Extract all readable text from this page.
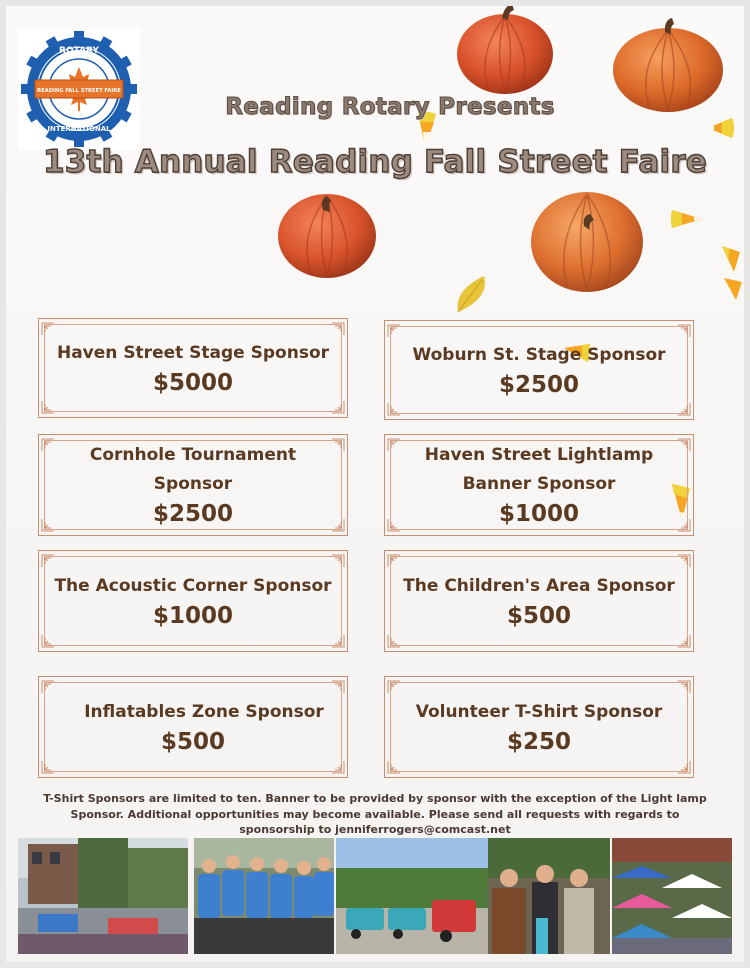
ROTARY
READING FALL STREET FAIRE
INTERNATIONAL
Reading Rotary Presents
13th Annual Reading Fall Street Faire
Haven Street Stage Sponsor
$5000
Woburn St. Stage Sponsor
$2500
Cornhole Tournament Sponsor
$2500
Haven Street Lightlamp Banner Sponsor
$1000
The Acoustic Corner Sponsor
$1000
The Children's Area Sponsor
$500
Inflatables Zone Sponsor
$500
Volunteer T-Shirt Sponsor
$250
T-Shirt Sponsors are limited to ten. Banner to be provided by sponsor with the exception of the Light lamp Sponsor. Additional opportunities may become available. Please send all requests with regards to sponsorship to jenniferrogers@comcast.net
